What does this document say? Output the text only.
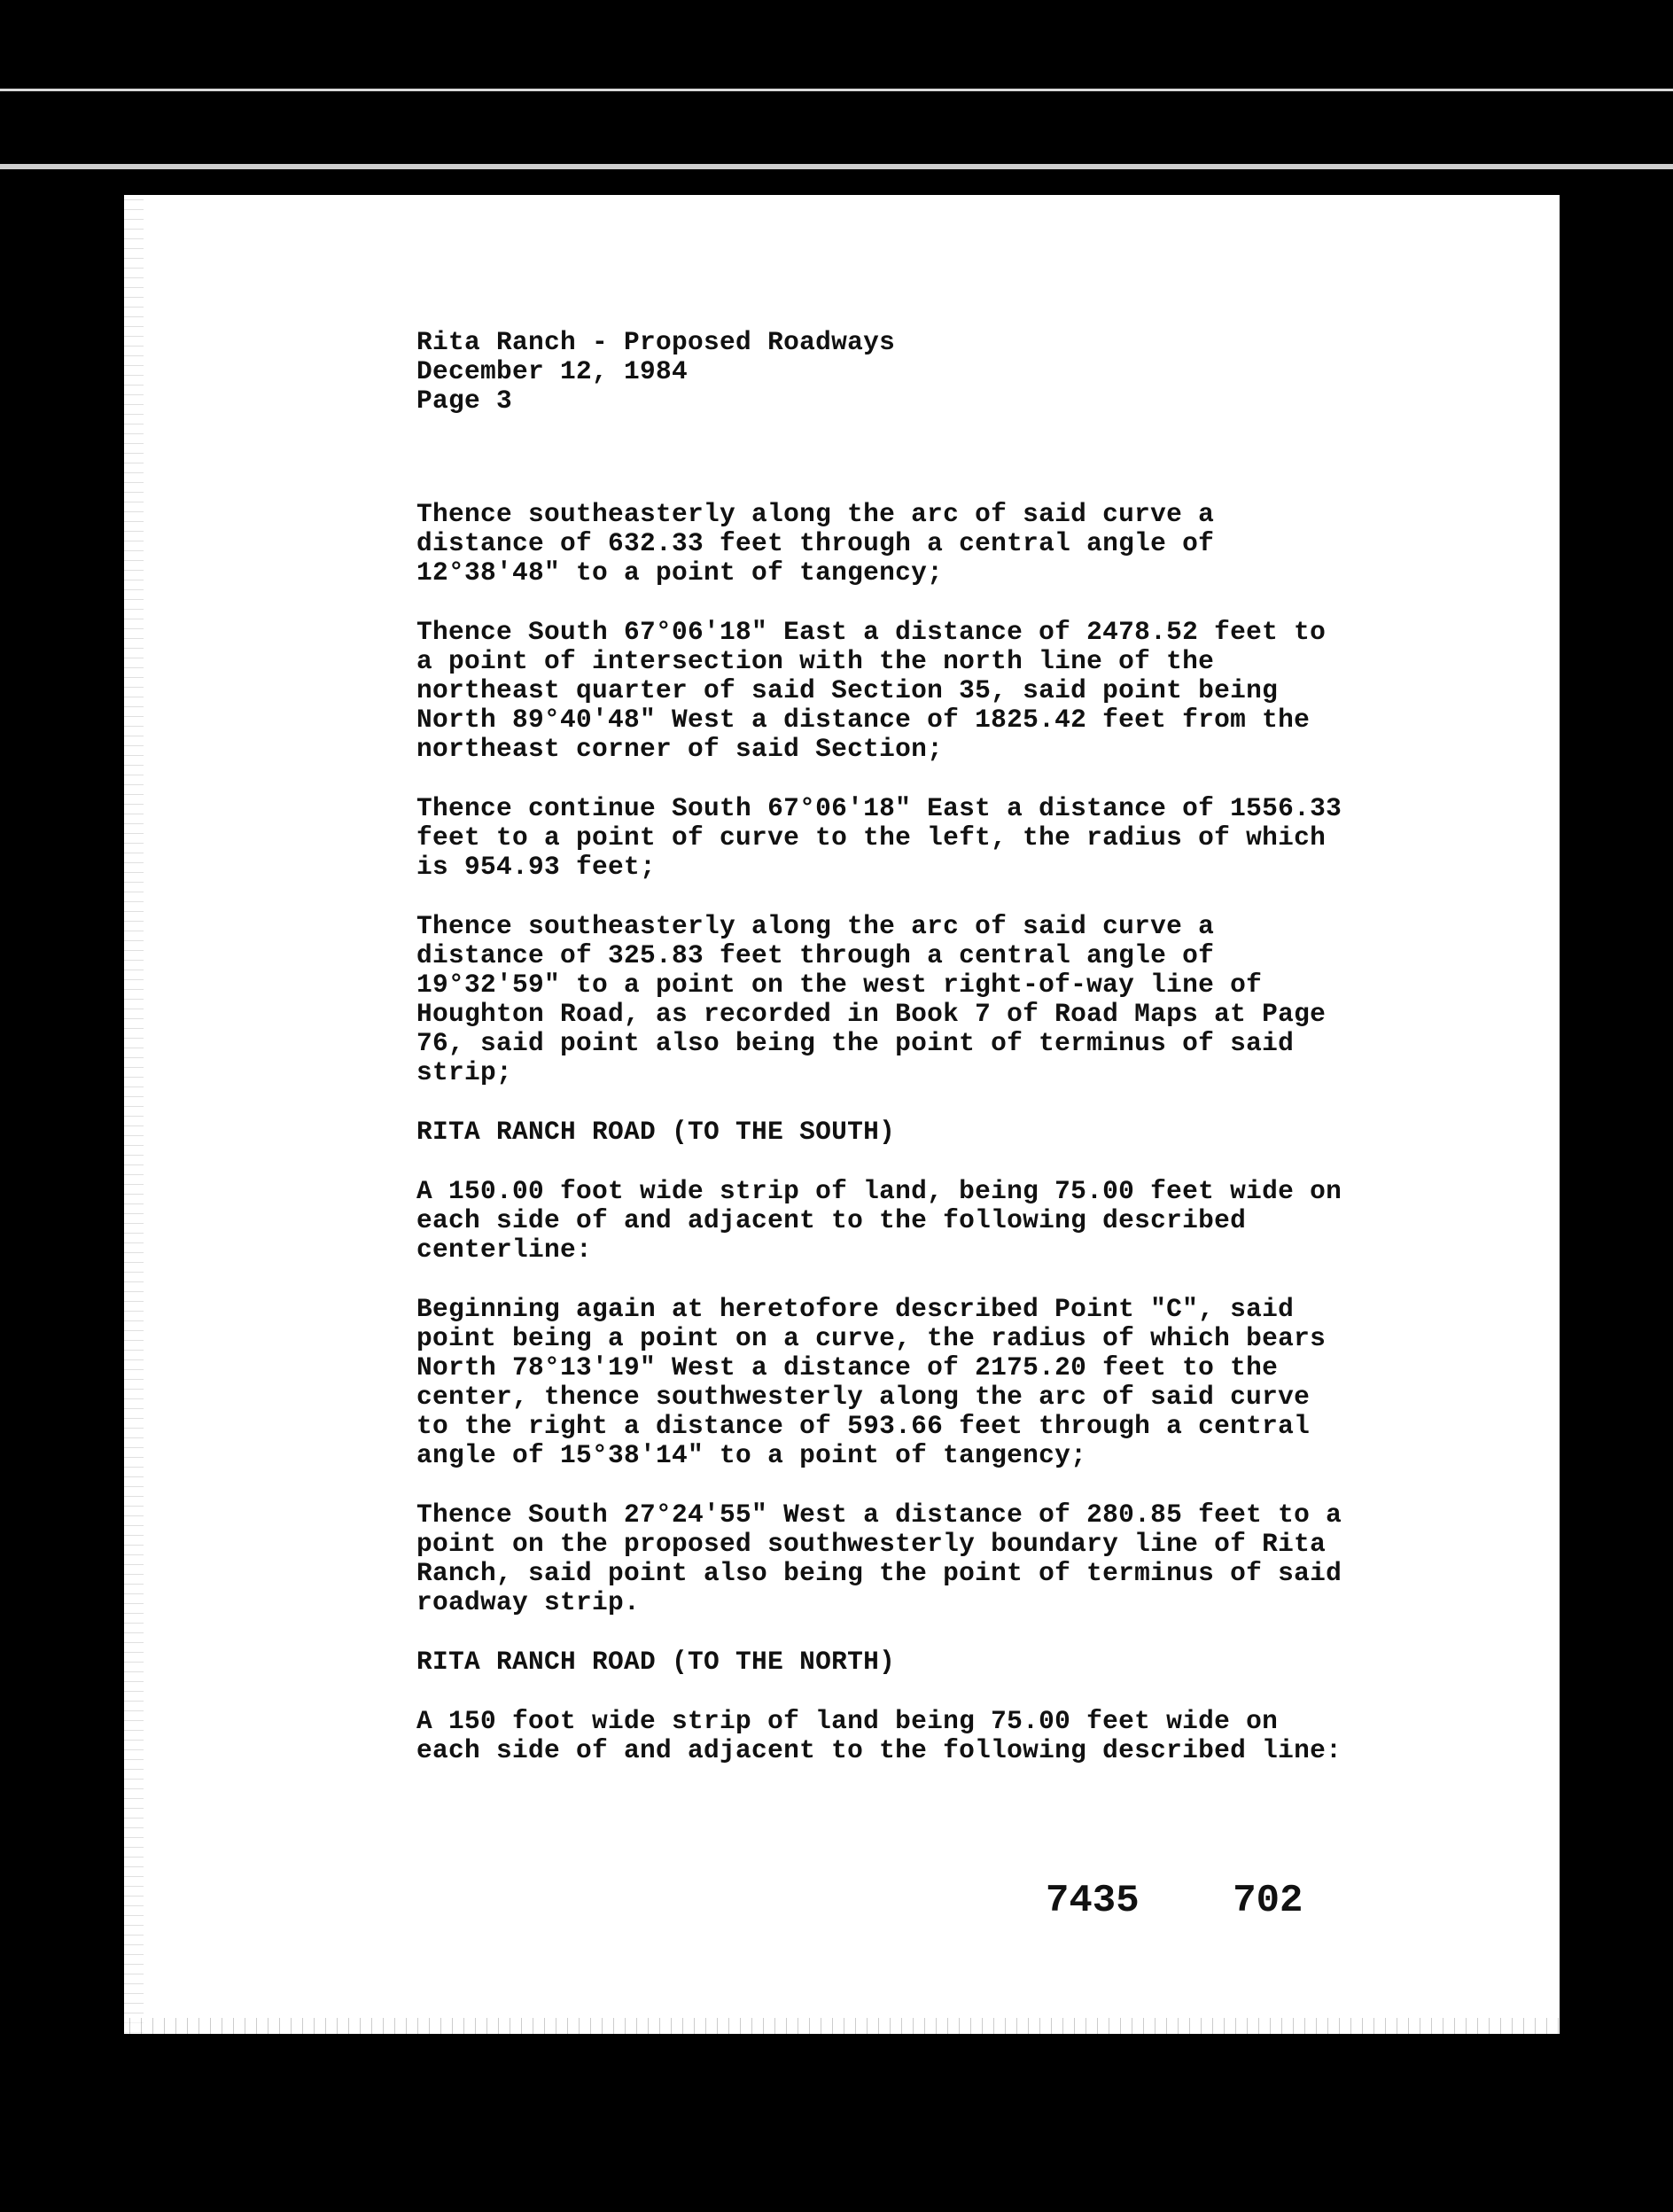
Rita Ranch - Proposed Roadways
December 12, 1984
Page 3
Thence southeasterly along the arc of said curve a
distance of 632.33 feet through a central angle of
12°38'48" to a point of tangency;
Thence South 67°06'18" East a distance of 2478.52 feet to
a point of intersection with the north line of the
northeast quarter of said Section 35, said point being
North 89°40'48" West a distance of 1825.42 feet from the
northeast corner of said Section;
Thence continue South 67°06'18" East a distance of 1556.33
feet to a point of curve to the left, the radius of which
is 954.93 feet;
Thence southeasterly along the arc of said curve a
distance of 325.83 feet through a central angle of
19°32'59" to a point on the west right-of-way line of
Houghton Road, as recorded in Book 7 of Road Maps at Page
76, said point also being the point of terminus of said
strip;
RITA RANCH ROAD (TO THE SOUTH)
A 150.00 foot wide strip of land, being 75.00 feet wide on
each side of and adjacent to the following described
centerline:
Beginning again at heretofore described Point "C", said
point being a point on a curve, the radius of which bears
North 78°13'19" West a distance of 2175.20 feet to the
center, thence southwesterly along the arc of said curve
to the right a distance of 593.66 feet through a central
angle of 15°38'14" to a point of tangency;
Thence South 27°24'55" West a distance of 280.85 feet to a
point on the proposed southwesterly boundary line of Rita
Ranch, said point also being the point of terminus of said
roadway strip.
RITA RANCH ROAD (TO THE NORTH)
A 150 foot wide strip of land being 75.00 feet wide on
each side of and adjacent to the following described line:
7435    702
